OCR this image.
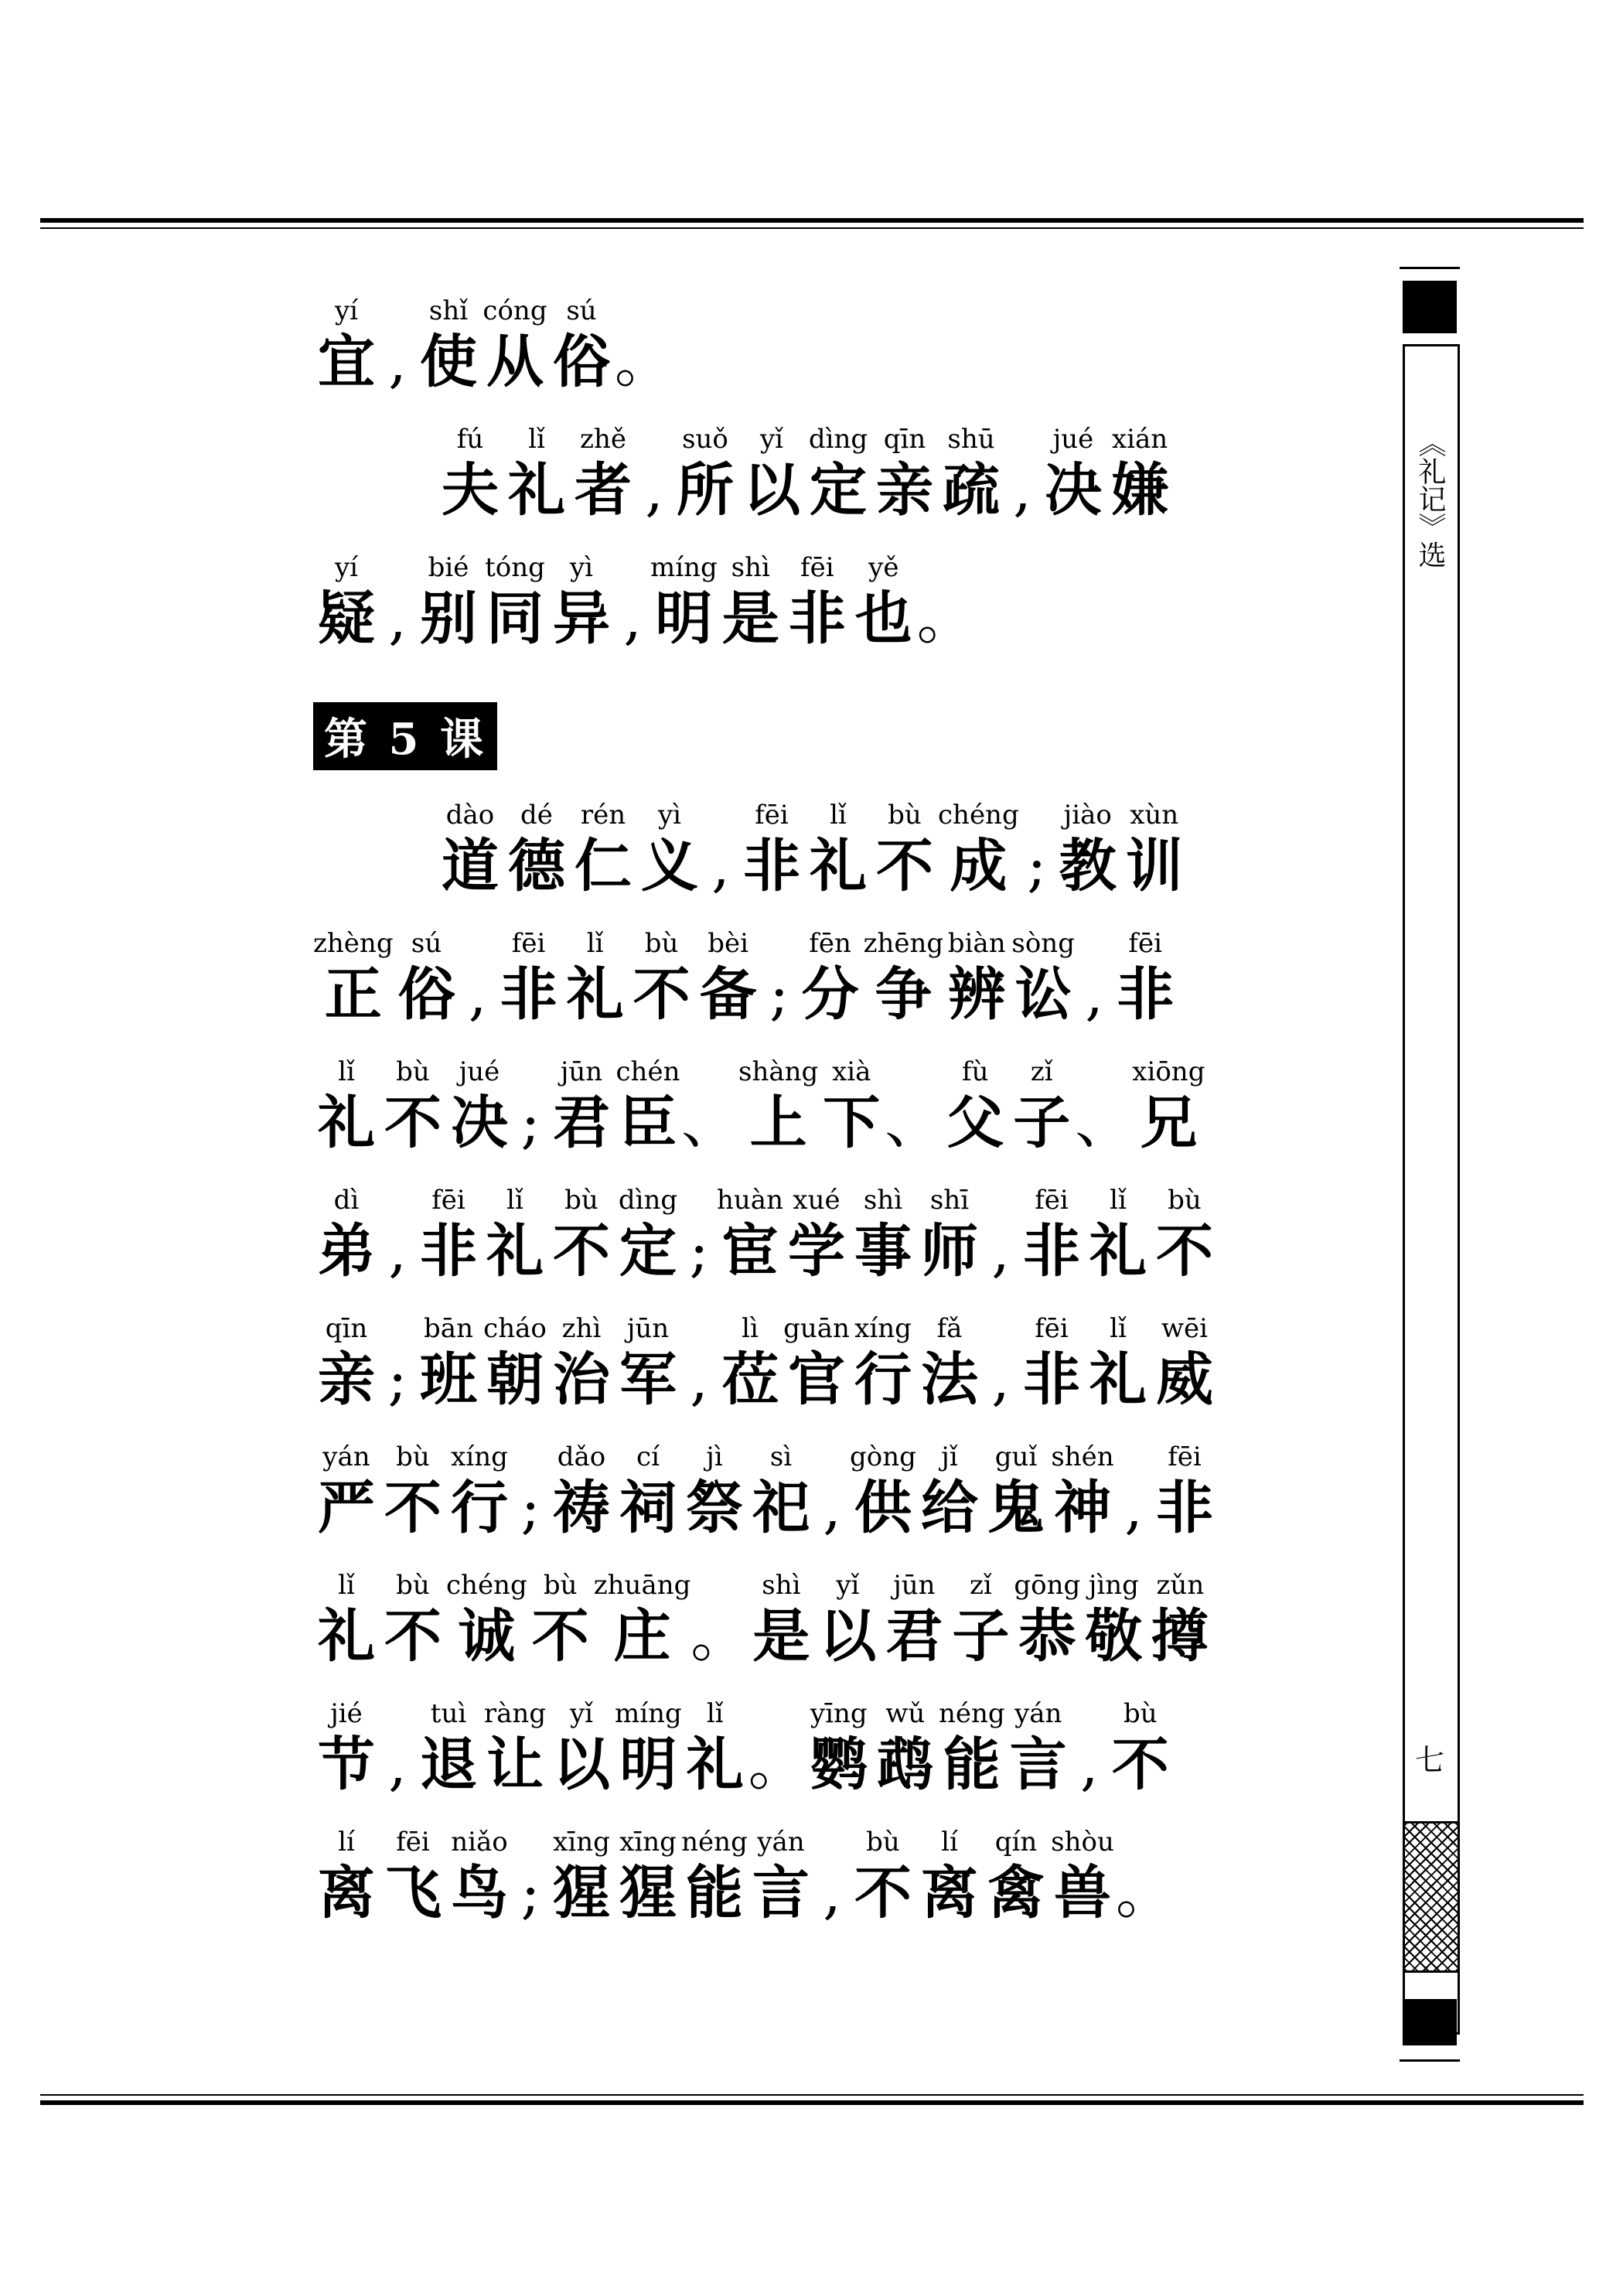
yí
宜 ,
shǐ
使
cóng
从
sú
俗 。
fú
夫
lǐ
礼
zhě
者 ,
suǒ
所
yǐ
以
dìng
定
qīn
亲
shū
疏 ,
jué
决
xián
嫌
yí
疑 ,
bié
别
tóng
同
yì
异 ,
míng
明
shì
是
fēi
非
yě
也 。
第 5 课
dào
道
dé
德
rén
仁
yì
义 ,
fēi
非
lǐ
礼
bù
不
chéng
成 ;
jiào
教
xùn
训
zhèng
正
sú
俗 ,
fēi
非
lǐ
礼
bù
不
bèi
备 ;
fēn
分
zhēng
争
biàn
辨
sòng
讼 ,
fēi
非
lǐ
礼
bù
不
jué
决 ;
jūn
君
chén
臣 、
shàng
上
xià
下 、
fù
父
zǐ
子 、
xiōng
兄
dì
弟 ,
fēi
非
lǐ
礼
bù
不
dìng
定 ;
huàn
宦
xué
学
shì
事
shī
师 ,
fēi
非
lǐ
礼
bù
不
qīn
亲 ;
bān
班
cháo
朝
zhì
治
jūn
军 ,
lì
莅
guān
官
xíng
行
fǎ
法 ,
fēi
非
lǐ
礼
wēi
威
yán
严
bù
不
xíng
行 ;
dǎo
祷
cí
祠
jì
祭
sì
祀 ,
gòng
供
jǐ
给
guǐ
鬼
shén
神 ,
fēi
非
lǐ
礼
bù
不
chéng
诚
bù
不
zhuāng
庄 。
shì
是
yǐ
以
jūn
君
zǐ
子
gōng
恭
jìng
敬
zǔn
撙
jié
节 ,
tuì
退
ràng
让
yǐ
以
míng
明
lǐ
礼 。
yīng
鹦
wǔ
鹉
néng
能
yán
言 ,
bù
不
lí
离
fēi
飞
niǎo
鸟 ;
xīng
猩
xīng
猩
néng
能
yán
言 ,
bù
不
lí
离
qín
禽
shòu
兽 。
《礼记》选
七
